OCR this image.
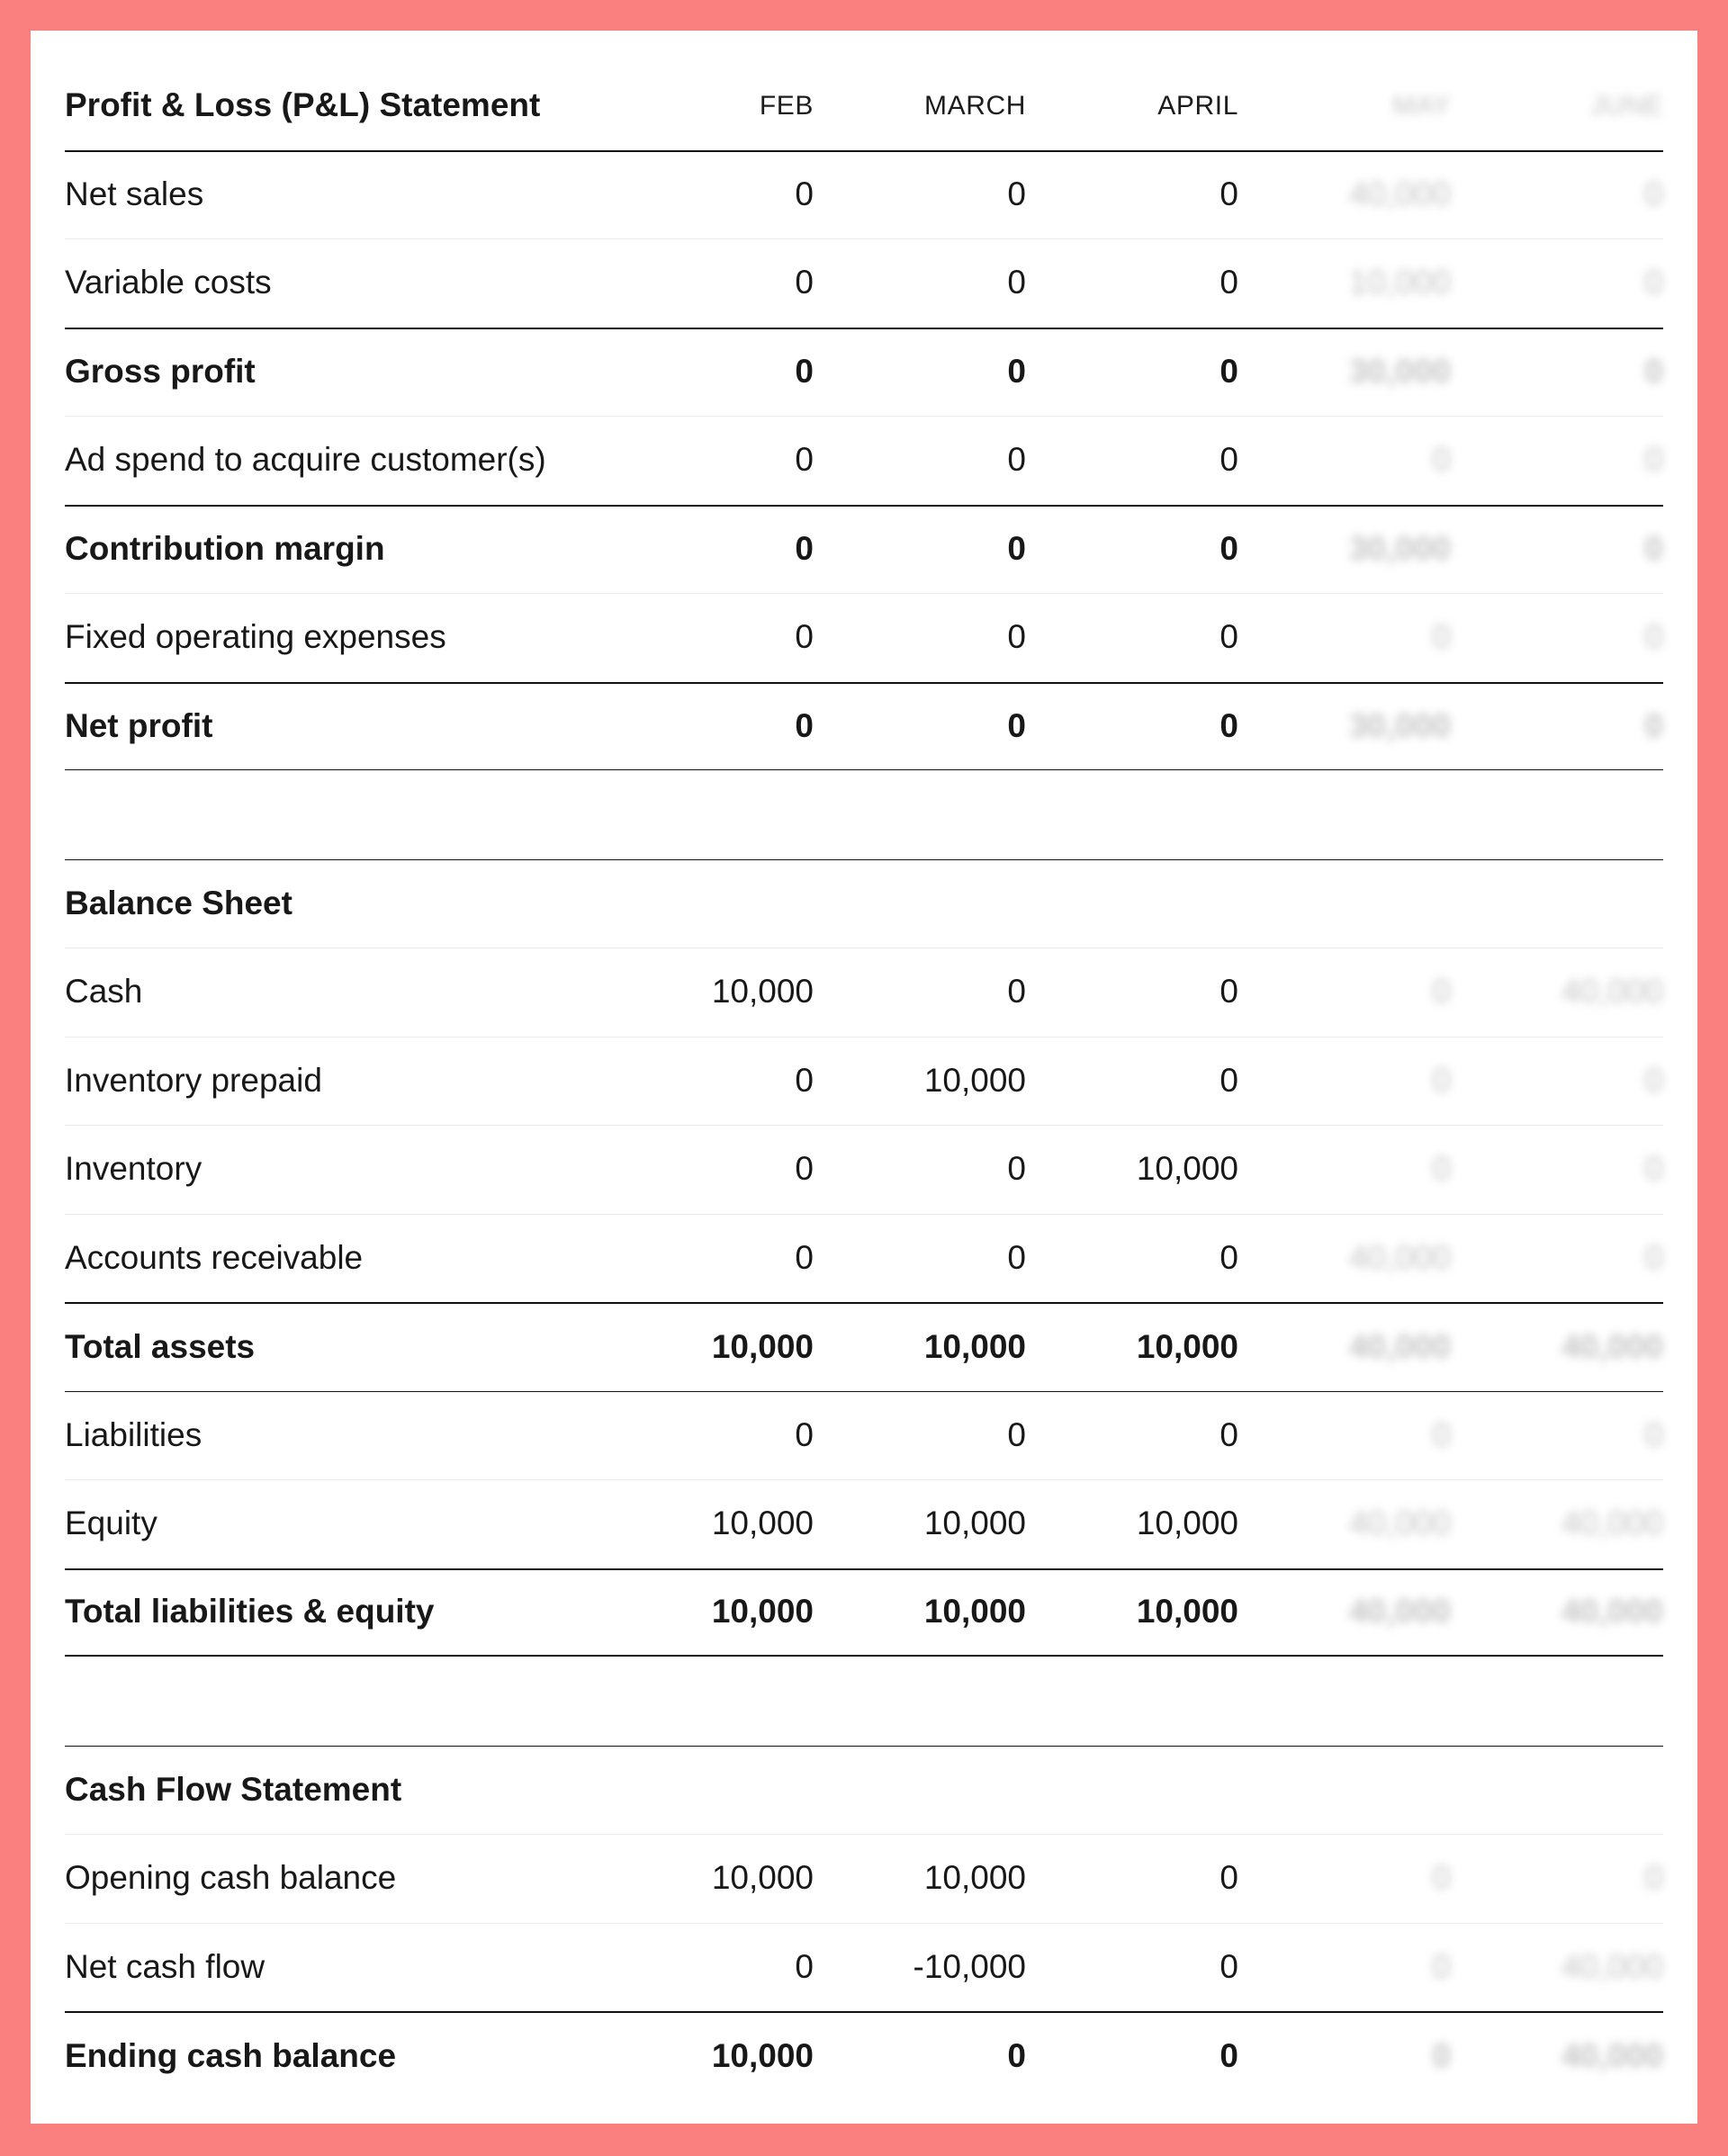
Profit & Loss (P&L) Statement	FEB	MARCH	APRIL	MAY	JUNE
Net sales	0	0	0	40,000	0
Variable costs	0	0	0	10,000	0
Gross profit	0	0	0	30,000	0
Ad spend to acquire customer(s)	0	0	0	0	0
Contribution margin	0	0	0	30,000	0
Fixed operating expenses	0	0	0	0	0
Net profit	0	0	0	30,000	0
Balance Sheet
Cash	10,000	0	0	0	40,000
Inventory prepaid	0	10,000	0	0	0
Inventory	0	0	10,000	0	0
Accounts receivable	0	0	0	40,000	0
Total assets	10,000	10,000	10,000	40,000	40,000
Liabilities	0	0	0	0	0
Equity	10,000	10,000	10,000	40,000	40,000
Total liabilities & equity	10,000	10,000	10,000	40,000	40,000
Cash Flow Statement
Opening cash balance	10,000	10,000	0	0	0
Net cash flow	0	-10,000	0	0	40,000
Ending cash balance	10,000	0	0	0	40,000
